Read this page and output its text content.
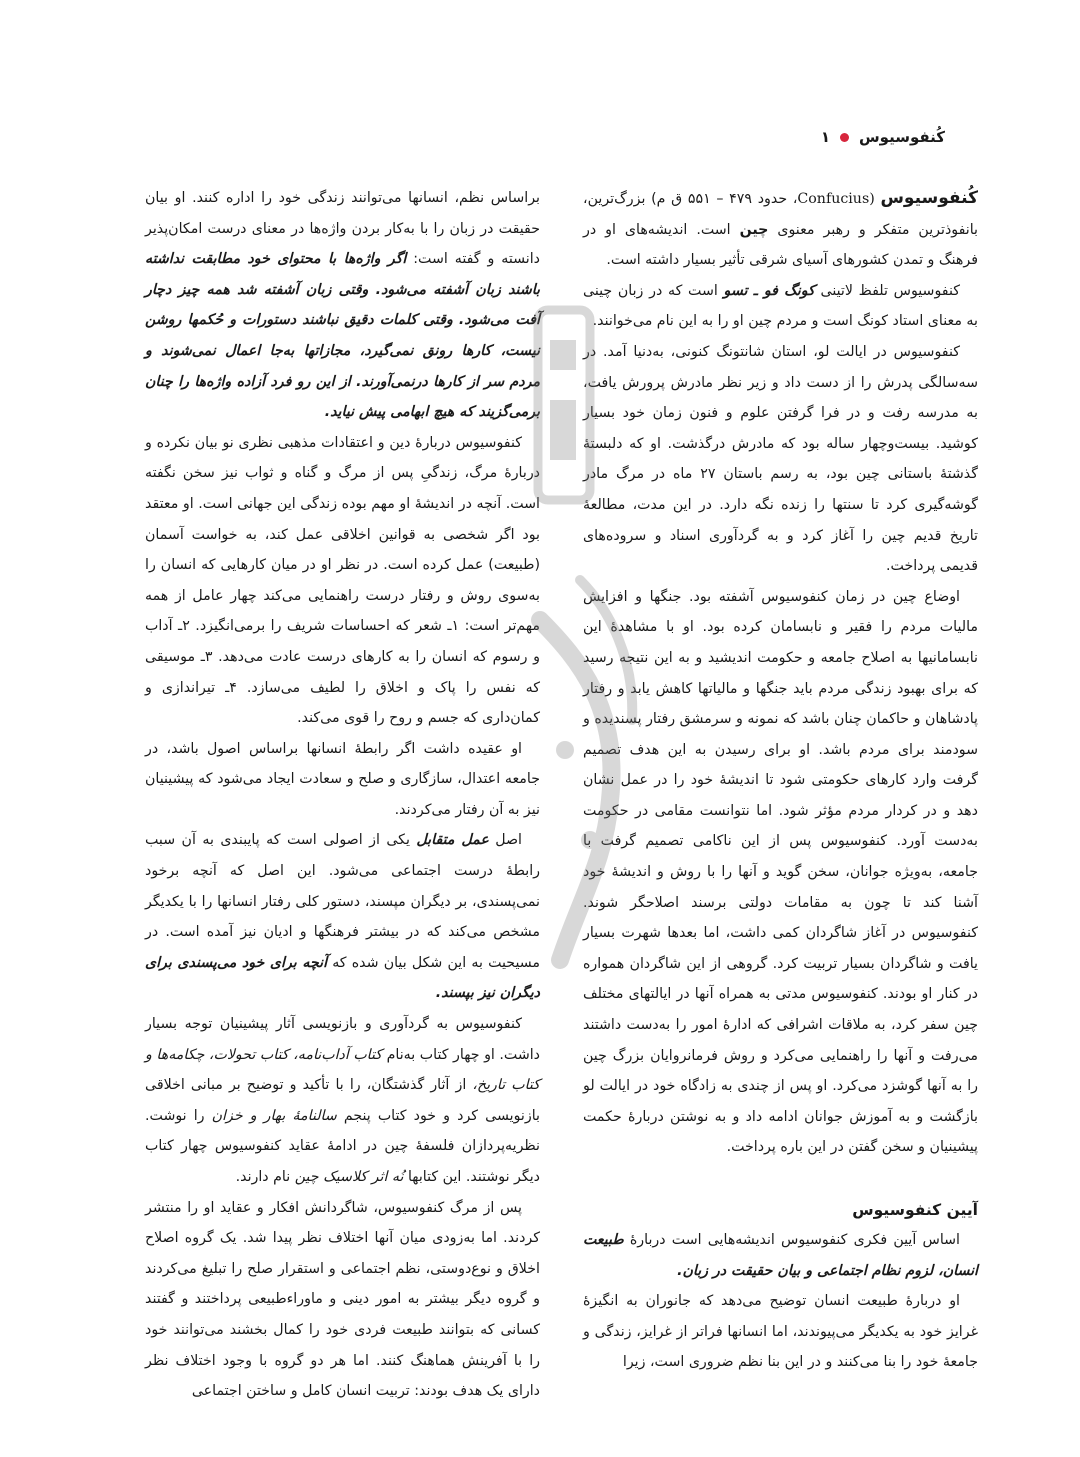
کُنفوسیوس
۱

کُنفوسیوس (Confucius، حدود ۴۷۹ – ۵۵۱ ق م) بزرگ‌ترین، بانفوذترین متفکر و رهبر معنوی چین است. اندیشه‌های او در فرهنگ و تمدن کشورهای آسیای شرقی تأثیر بسیار داشته است.

کنفوسیوس تلفظ لاتینی کونگ فو ـ تسو است که در زبان چینی به معنای استاد کونگ است و مردم چین او را به این نام می‌خوانند.

کنفوسیوس در ایالت لو، استان شانتونگ کنونی، به‌دنیا آمد. در سه‌سالگی پدرش را از دست داد و زیر نظر مادرش پرورش یافت، به مدرسه رفت و در فرا گرفتن علوم و فنون زمان خود بسیار کوشید. بیست‌وچهار ساله بود که مادرش درگذشت. او که دلبستهٔ گذشتهٔ باستانی چین بود، به رسم باستان ۲۷ ماه در مرگ مادر گوشه‌گیری کرد تا سنتها را زنده نگه دارد. در این مدت، مطالعهٔ تاریخ قدیم چین را آغاز کرد و به گردآوری اسناد و سروده‌های قدیمی پرداخت.

اوضاع چین در زمان کنفوسیوس آشفته بود. جنگها و افزایش مالیات مردم را فقیر و نابسامان کرده بود. او با مشاهدهٔ این نابسامانیها به اصلاح جامعه و حکومت اندیشید و به این نتیجه رسید که برای بهبود زندگی مردم باید جنگها و مالیاتها کاهش یابد و رفتار پادشاهان و حاکمان چنان باشد که نمونه و سرمشق رفتار پسندیده و سودمند برای مردم باشد. او برای رسیدن به این هدف تصمیم گرفت وارد کارهای حکومتی شود تا اندیشهٔ خود را در عمل نشان دهد و در کردار مردم مؤثر شود. اما نتوانست مقامی در حکومت به‌دست آورد. کنفوسیوس پس از این ناکامی تصمیم گرفت با جامعه، به‌ویژه جوانان، سخن گوید و آنها را با روش و اندیشهٔ خود آشنا کند تا چون به مقامات دولتی برسند اصلاحگر شوند. کنفوسیوس در آغاز شاگردان کمی داشت، اما بعدها شهرت بسیار یافت و شاگردان بسیار تربیت کرد. گروهی از این شاگردان همواره در کنار او بودند. کنفوسیوس مدتی به همراه آنها در ایالتهای مختلف چین سفر کرد، به ملاقات اشرافی که ادارهٔ امور را به‌دست داشتند می‌رفت و آنها را راهنمایی می‌کرد و روش فرمانروایان بزرگ چین را به آنها گوشزد می‌کرد. او پس از چندی به زادگاه خود در ایالت لو بازگشت و به آموزش جوانان ادامه داد و به نوشتن دربارهٔ حکمت پیشینیان و سخن گفتن در این باره پرداخت.

آیین کنفوسیوس

اساس آیین فکری کنفوسیوس اندیشه‌هایی است دربارهٔ طبیعت انسان، لزوم نظام اجتماعی و بیان حقیقت در زبان.

او دربارهٔ طبیعت انسان توضیح می‌دهد که جانوران به انگیزهٔ غرایز خود به یکدیگر می‌پیوندند، اما انسانها فراتر از غرایز، زندگی و جامعهٔ خود را بنا می‌کنند و در این بنا نظم ضروری است، زیرا

براساس نظم، انسانها می‌توانند زندگی خود را اداره کنند. او بیان حقیقت در زبان را با به‌کار بردن واژه‌ها در معنای درست امکان‌پذیر دانسته و گفته است: اگر واژه‌ها با محتوای خود مطابقت نداشته باشند زبان آشفته می‌شود. وقتی زبان آشفته شد همه چیز دچار آفت می‌شود. وقتی کلمات دقیق نباشند دستورات و حُکمها روشن نیست، کارها رونق نمی‌گیرد، مجازاتها به‌جا اعمال نمی‌شوند و مردم سر از کارها درنمی‌آورند. از این رو فرد آزاده واژه‌ها را چنان برمی‌گزیند که هیچ ابهامی پیش نیاید.

کنفوسیوس دربارهٔ دین و اعتقادات مذهبی نظری نو بیان نکرده و دربارهٔ مرگ، زندگیِ پس از مرگ و گناه و ثواب نیز سخن نگفته است. آنچه در اندیشهٔ او مهم بوده زندگی این جهانی است. او معتقد بود اگر شخصی به قوانین اخلاقی عمل کند، به خواست آسمان (طبیعت) عمل کرده است. در نظر او در میان کارهایی که انسان را به‌سوی روش و رفتار درست راهنمایی می‌کند چهار عامل از همه مهم‌تر است: ۱ـ شعر که احساسات شریف را برمی‌انگیزد. ۲ـ آداب و رسوم که انسان را به کارهای درست عادت می‌دهد. ۳ـ موسیقی که نفس را پاک و اخلاق را لطیف می‌سازد. ۴ـ تیراندازی و کمان‌داری که جسم و روح را قوی می‌کند.

او عقیده داشت اگر رابطهٔ انسانها براساس اصول باشد، در جامعه اعتدال، سازگاری و صلح و سعادت ایجاد می‌شود که پیشینیان نیز به آن رفتار می‌کردند.

اصل عمل متقابل یکی از اصولی است که پایبندی به آن سبب رابطهٔ درست اجتماعی می‌شود. این اصل که آنچه برخود نمی‌پسندی، بر دیگران مپسند، دستور کلی رفتار انسانها را با یکدیگر مشخص می‌کند که در بیشتر فرهنگها و ادیان نیز آمده است. در مسیحیت به این شکل بیان شده که آنچه برای خود می‌پسندی برای دیگران نیز بپسند.

کنفوسیوس به گردآوری و بازنویسی آثار پیشینیان توجه بسیار داشت. او چهار کتاب به‌نام کتاب آداب‌نامه، کتاب تحولات، چکامه‌ها و کتاب تاریخ، از آثار گذشتگان، را با تأکید و توضیح بر مبانی اخلاقی بازنویسی کرد و خود کتاب پنجم سالنامهٔ بهار و خزان را نوشت. نظریه‌پردازان فلسفهٔ چین در ادامهٔ عقاید کنفوسیوس چهار کتاب دیگر نوشتند. این کتابها نُه اثر کلاسیک چین نام دارند.

پس از مرگ کنفوسیوس، شاگردانش افکار و عقاید او را منتشر کردند. اما به‌زودی میان آنها اختلاف نظر پیدا شد. یک گروه اصلاح اخلاق و نوع‌دوستی، نظم اجتماعی و استقرار صلح را تبلیغ می‌کردند و گروه دیگر بیشتر به امور دینی و ماوراءطبیعی پرداختند و گفتند کسانی که بتوانند طبیعت فردی خود را کمال بخشند می‌توانند خود را با آفرینش هماهنگ کنند. اما هر دو گروه با وجود اختلاف نظر دارای یک هدف بودند: تربیت انسان کامل و ساختن اجتماعی
